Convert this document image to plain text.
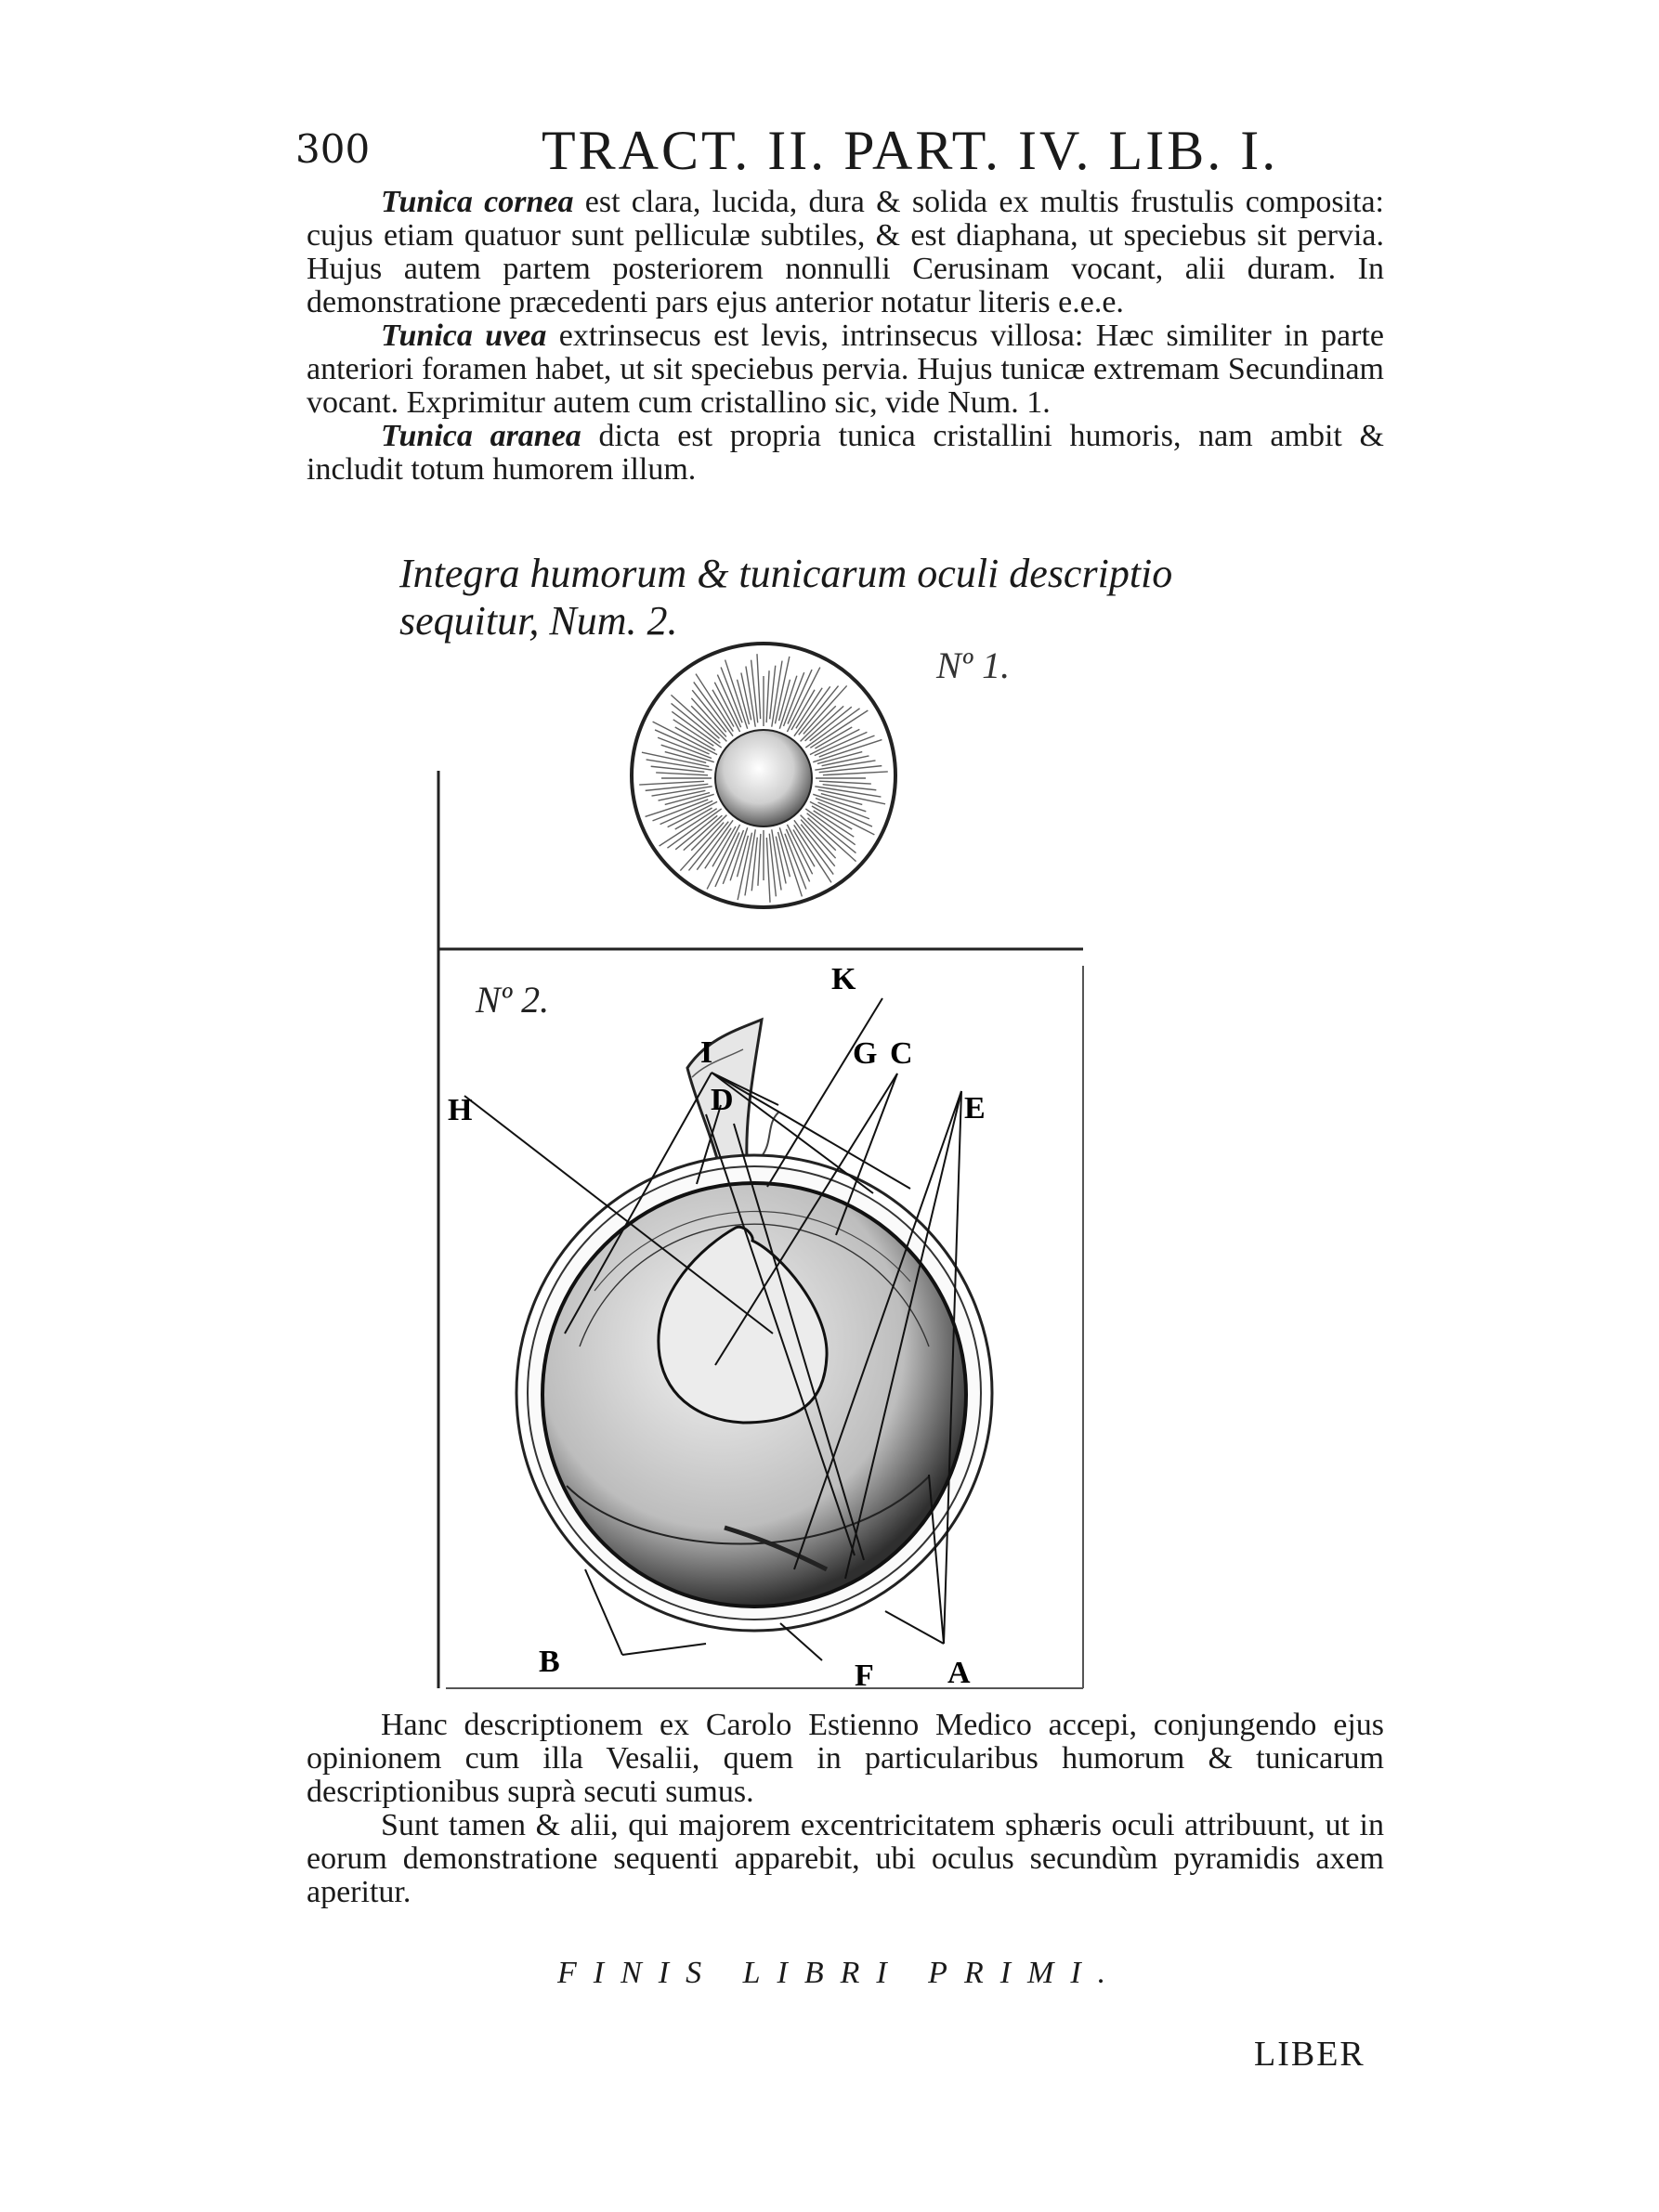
300	TRACT. II. PART. IV. LIB. I.

Tunica cornea est clara, lucida, dura & solida ex multis frustulis composita: cujus etiam quatuor sunt pelliculæ subtiles, & est diaphana, ut speciebus sit pervia. Hujus autem partem posteriorem nonnulli Cerusinam vocant, alii duram. In demonstratione præcedenti pars ejus anterior notatur literis e.e.e.

Tunica uvea extrinsecus est levis, intrinsecus villosa: Hæc similiter in parte anteriori foramen habet, ut sit speciebus pervia. Hujus tunicæ extremam Secundinam vocant. Exprimitur autem cum cristallino sic, vide Num. 1.

Tunica aranea dicta est propria tunica cristallini humoris, nam ambit & includit totum humorem illum.

Integra humorum & tunicarum oculi descriptio sequitur, Num. 2.
Nº 1.
Nº 2.	K
I	G C
D
H	E
B	F A

Hanc descriptionem ex Carolo Estienno Medico accepi, conjungendo ejus opinionem cum illa Vesalii, quem in particularibus humorum & tunicarum descriptionibus suprà secuti sumus.

Sunt tamen & alii, qui majorem excentricitatem sphæris oculi attribuunt, ut in eorum demonstratione sequenti apparebit, ubi oculus secundùm pyramidis axem aperitur.

FINIS LIBRI PRIMI.
LIBER
